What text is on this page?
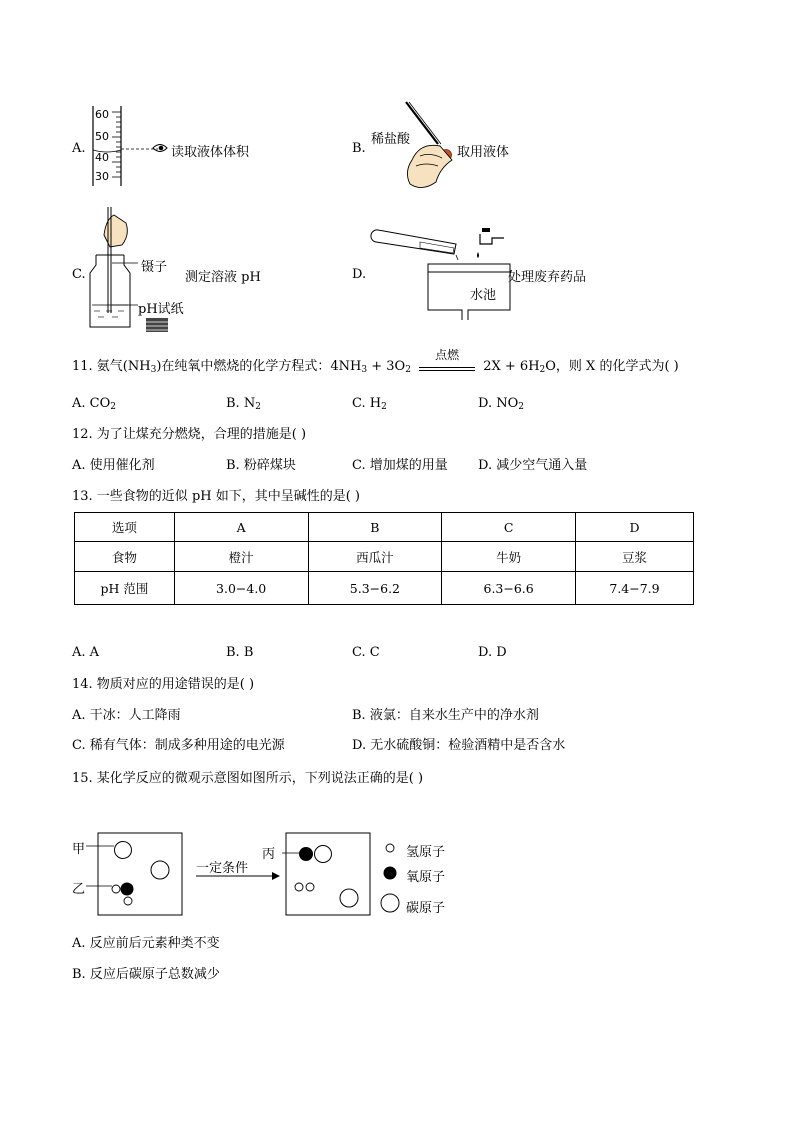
A.
60
50
40
30
读取液体体积	B.
稀盐酸
取用液体
C.	镊子
测定溶液 pH
pH试纸
D.
水池
处理废弃药品
11. 氨气$(NH_3)$在纯氧中燃烧的化学方程式：$4NH_3 + 3O_2$
点燃
$2X + 6H_2O$，则 X 的化学式为( )
A. $CO_2$	B. $N_2$	C. $H_2$	D. $NO_2$
12. 为了让煤充分燃烧，合理的措施是( )
A. 使用催化剂	B. 粉碎煤块	C. 增加煤的用量 D. 减少空气通入量
13. 一些食物的近似 pH 如下，其中呈碱性的是( )
选项	A	B	C	D
食物	橙汁	西瓜汁	牛奶	豆浆
pH 范围	3.0−4.0	5.3−6.2	6.3−6.6	7.4−7.9
A. A	B. B	C. C	D. D
14. 物质对应的用途错误的是( )
A. 干冰：人工降雨	B. 液氯：自来水生产中的净水剂
C. 稀有气体：制成多种用途的电光源	D. 无水硫酸铜：检验酒精中是否含水
15. 某化学反应的微观示意图如图所示，下列说法正确的是( )
甲
乙
丙
一定条件
氢原子
氧原子
碳原子
A. 反应前后元素种类不变
B. 反应后碳原子总数减少
